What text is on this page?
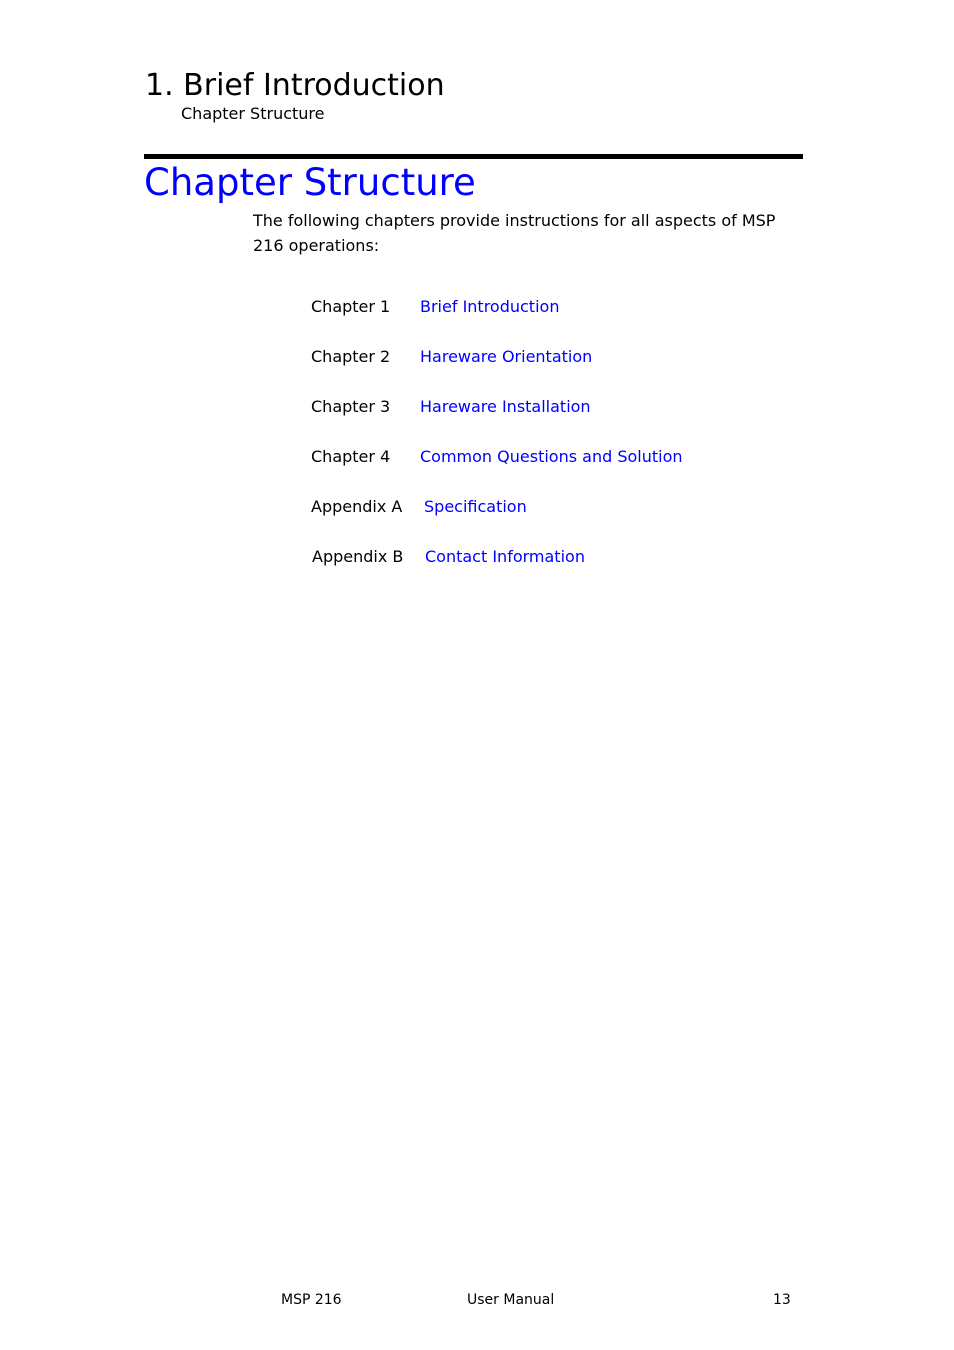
1. Brief Introduction
Chapter Structure
Chapter Structure
The following chapters provide instructions for all aspects of MSP
216 operations:
Chapter 1 Brief Introduction
Chapter 2 Hareware Orientation
Chapter 3 Hareware Installation
Chapter 4 Common Questions and Solution
Appendix A Specification
Appendix B Contact Information
MSP 216	User Manual	13
